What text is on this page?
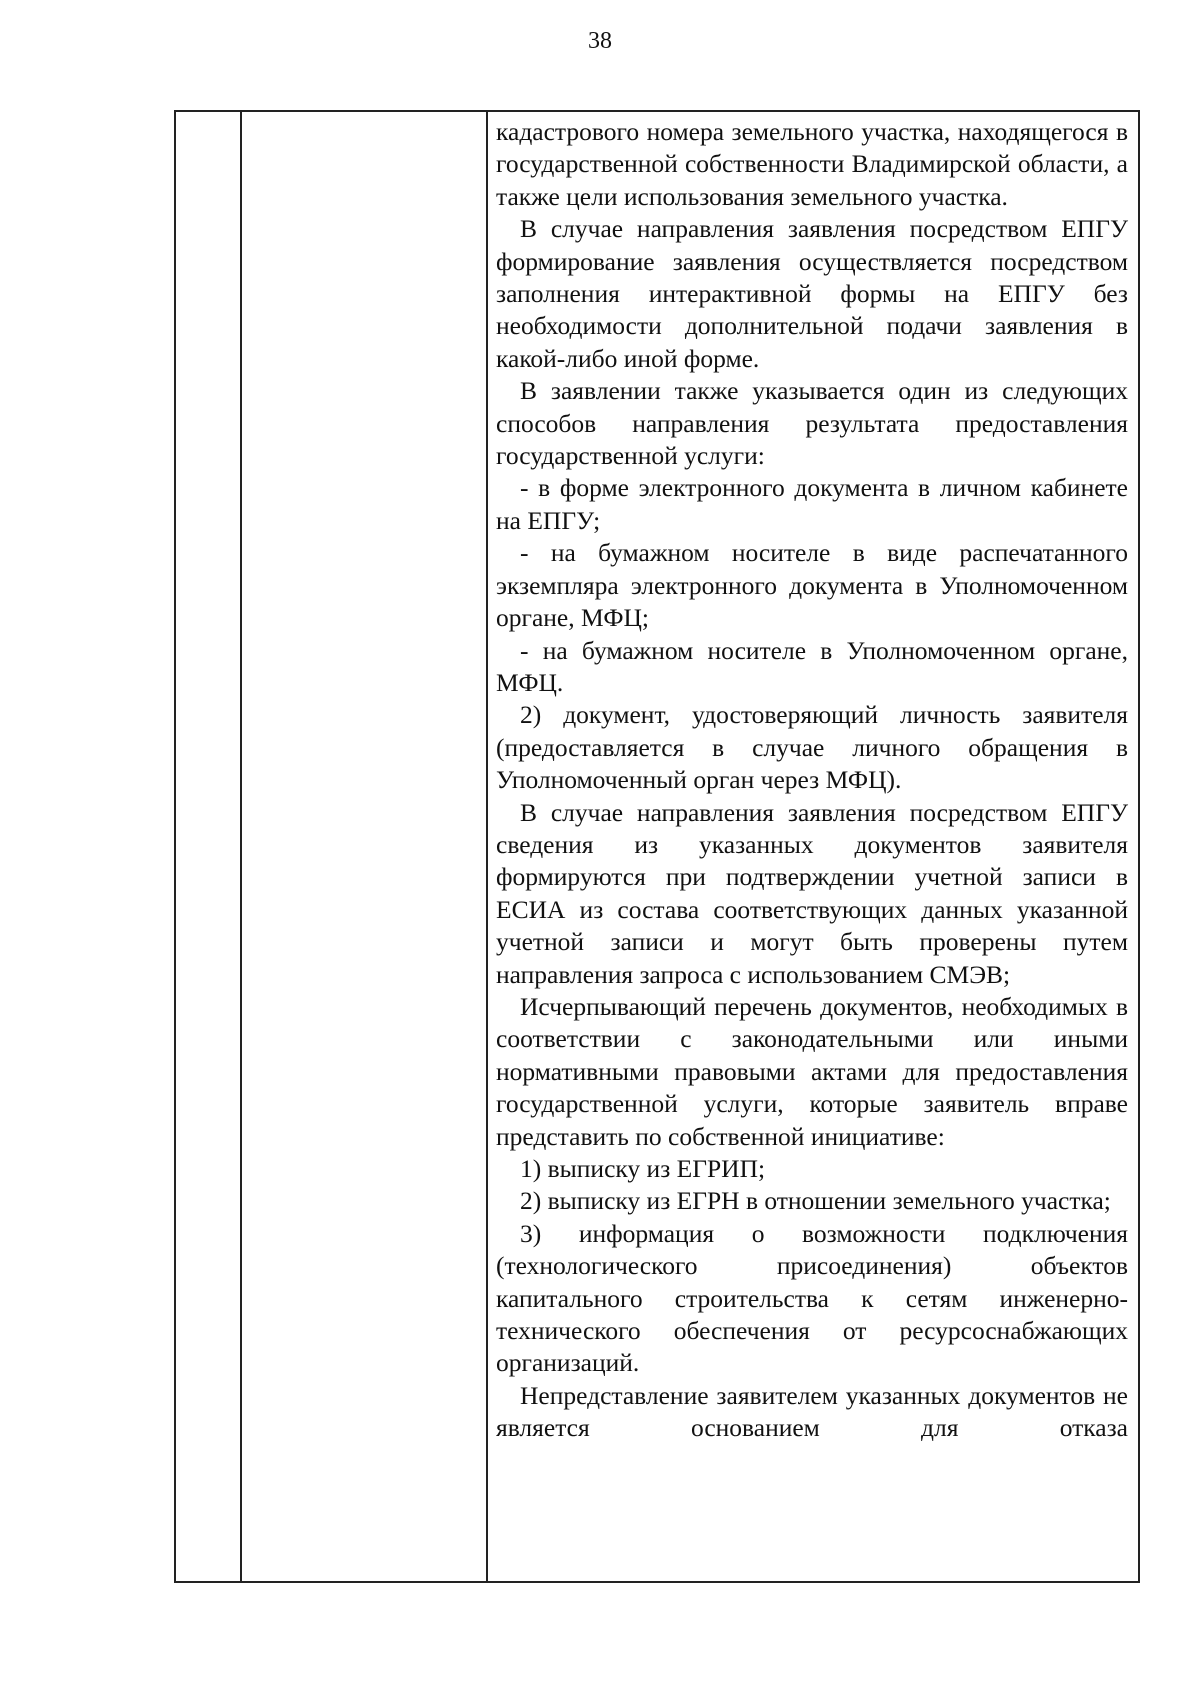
38

кадастрового номера земельного участка, находящегося в государственной собственности Владимирской области, а также цели использования земельного участка.

В случае направления заявления посредством ЕПГУ формирование заявления осуществляется посредством заполнения интерактивной формы на ЕПГУ без необходимости дополнительной подачи заявления в какой-либо иной форме.

В заявлении также указывается один из следующих способов направления результата предоставления государственной услуги:

- в форме электронного документа в личном кабинете на ЕПГУ;

- на бумажном носителе в виде распечатанного экземпляра электронного документа в Уполномоченном органе, МФЦ;

- на бумажном носителе в Уполномоченном органе, МФЦ.

2) документ, удостоверяющий личность заявителя (предоставляется в случае личного обращения в Уполномоченный орган через МФЦ).

В случае направления заявления посредством ЕПГУ сведения из указанных документов заявителя формируются при подтверждении учетной записи в ЕСИА из состава соответствующих данных указанной учетной записи и могут быть проверены путем направления запроса с использованием СМЭВ;

Исчерпывающий перечень документов, необходимых в соответствии с законодательными или иными нормативными правовыми актами для предоставления государственной услуги, которые заявитель вправе представить по собственной инициативе:

1) выписку из ЕГРИП;

2) выписку из ЕГРН в отношении земельного участка;

3) информация о возможности подключения (технологического присоединения) объектов капитального строительства к сетям инженерно-технического обеспечения от ресурсоснабжающих организаций.

Непредставление заявителем указанных документов не является основанием для отказа
